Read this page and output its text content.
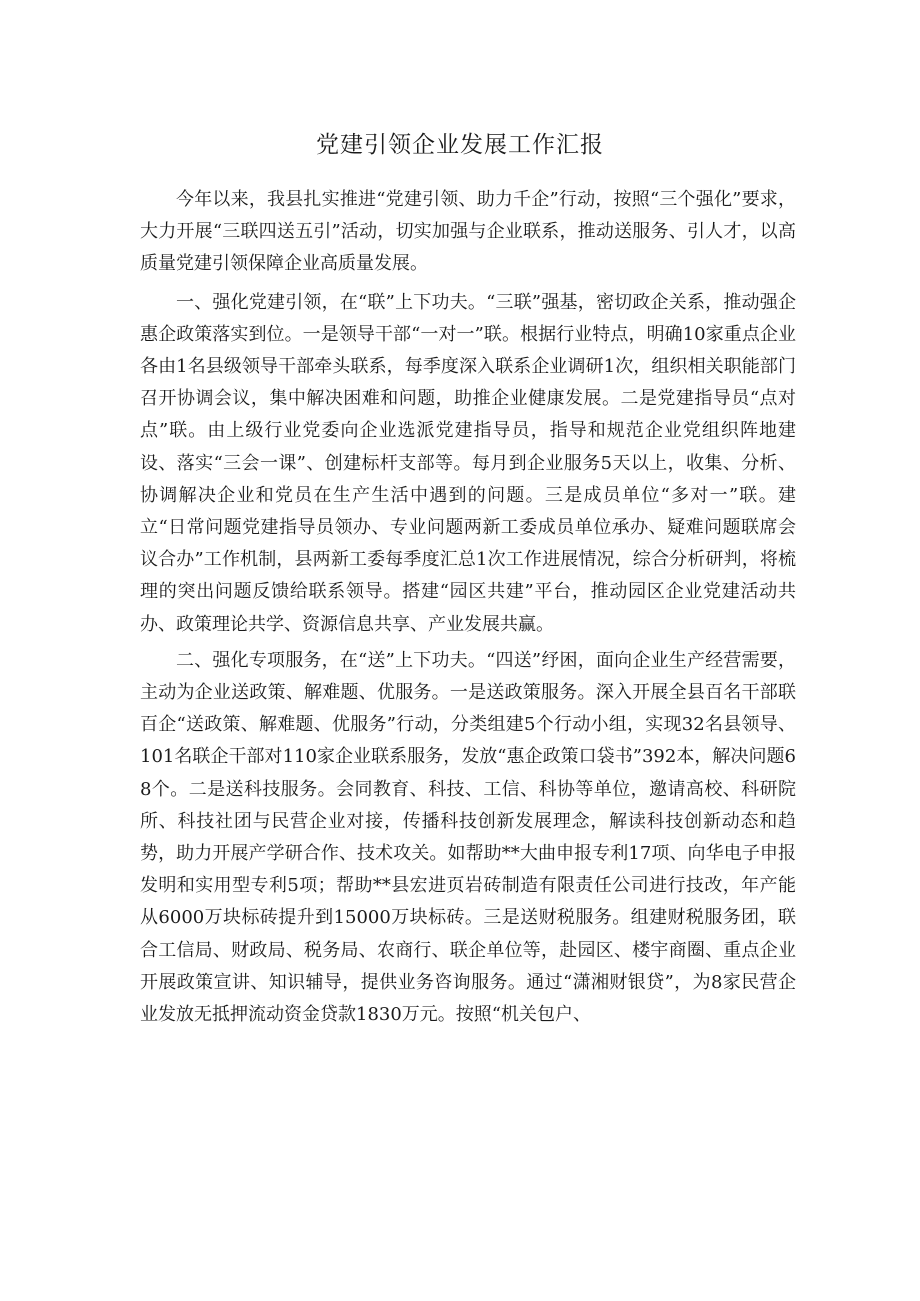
党建引领企业发展工作汇报

今年以来，我县扎实推进“党建引领、助力千企”行动，按照“三个强化”要求，大力开展“三联四送五引”活动，切实加强与企业联系，推动送服务、引人才，以高质量党建引领保障企业高质量发展。

一、强化党建引领，在“联”上下功夫。“三联”强基，密切政企关系，推动强企惠企政策落实到位。一是领导干部“一对一”联。根据行业特点，明确10家重点企业各由1名县级领导干部牵头联系，每季度深入联系企业调研1次，组织相关职能部门召开协调会议，集中解决困难和问题，助推企业健康发展。二是党建指导员“点对点”联。由上级行业党委向企业选派党建指导员，指导和规范企业党组织阵地建设、落实“三会一课”、创建标杆支部等。每月到企业服务5天以上，收集、分析、协调解决企业和党员在生产生活中遇到的问题。三是成员单位“多对一”联。建立“日常问题党建指导员领办、专业问题两新工委成员单位承办、疑难问题联席会议合办”工作机制，县两新工委每季度汇总1次工作进展情况，综合分析研判，将梳理的突出问题反馈给联系领导。搭建“园区共建”平台，推动园区企业党建活动共办、政策理论共学、资源信息共享、产业发展共赢。

二、强化专项服务，在“送”上下功夫。“四送”纾困，面向企业生产经营需要，主动为企业送政策、解难题、优服务。一是送政策服务。深入开展全县百名干部联百企“送政策、解难题、优服务”行动，分类组建5个行动小组，实现32名县领导、101名联企干部对110家企业联系服务，发放“惠企政策口袋书”392本，解决问题68个。二是送科技服务。会同教育、科技、工信、科协等单位，邀请高校、科研院所、科技社团与民营企业对接，传播科技创新发展理念，解读科技创新动态和趋势，助力开展产学研合作、技术攻关。如帮助**大曲申报专利17项、向华电子申报发明和实用型专利5项；帮助**县宏进页岩砖制造有限责任公司进行技改，年产能从6000万块标砖提升到15000万块标砖。三是送财税服务。组建财税服务团，联合工信局、财政局、税务局、农商行、联企单位等，赴园区、楼宇商圈、重点企业开展政策宣讲、知识辅导，提供业务咨询服务。通过“潇湘财银贷”，为8家民营企业发放无抵押流动资金贷款1830万元。按照“机关包户、
